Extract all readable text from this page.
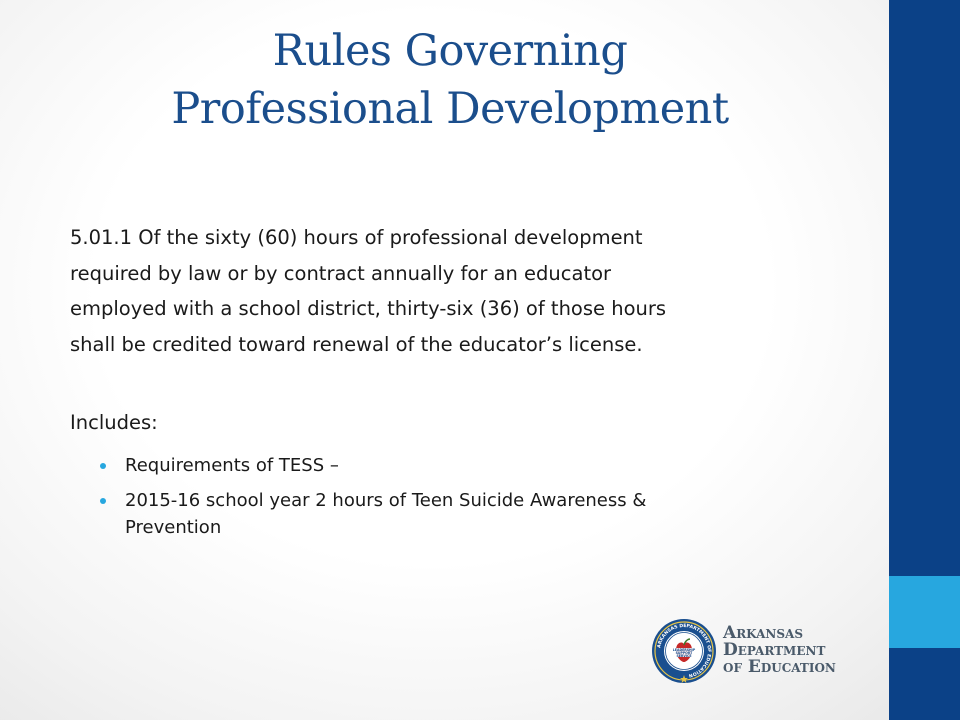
Rules Governing
Professional Development
5.01.1 Of the sixty (60) hours of professional development
required by law or by contract annually for an educator
employed with a school district, thirty-six (36) of those hours
shall be credited toward renewal of the educator’s license.
Includes:
Requirements of TESS –
2015-16 school year 2 hours of Teen Suicide Awareness &
Prevention
LEADERSHIP
SUPPORT
SERVICE
ARKANSAS DEPARTMENT OF EDUCATION
Arkansas
Department
of Education
